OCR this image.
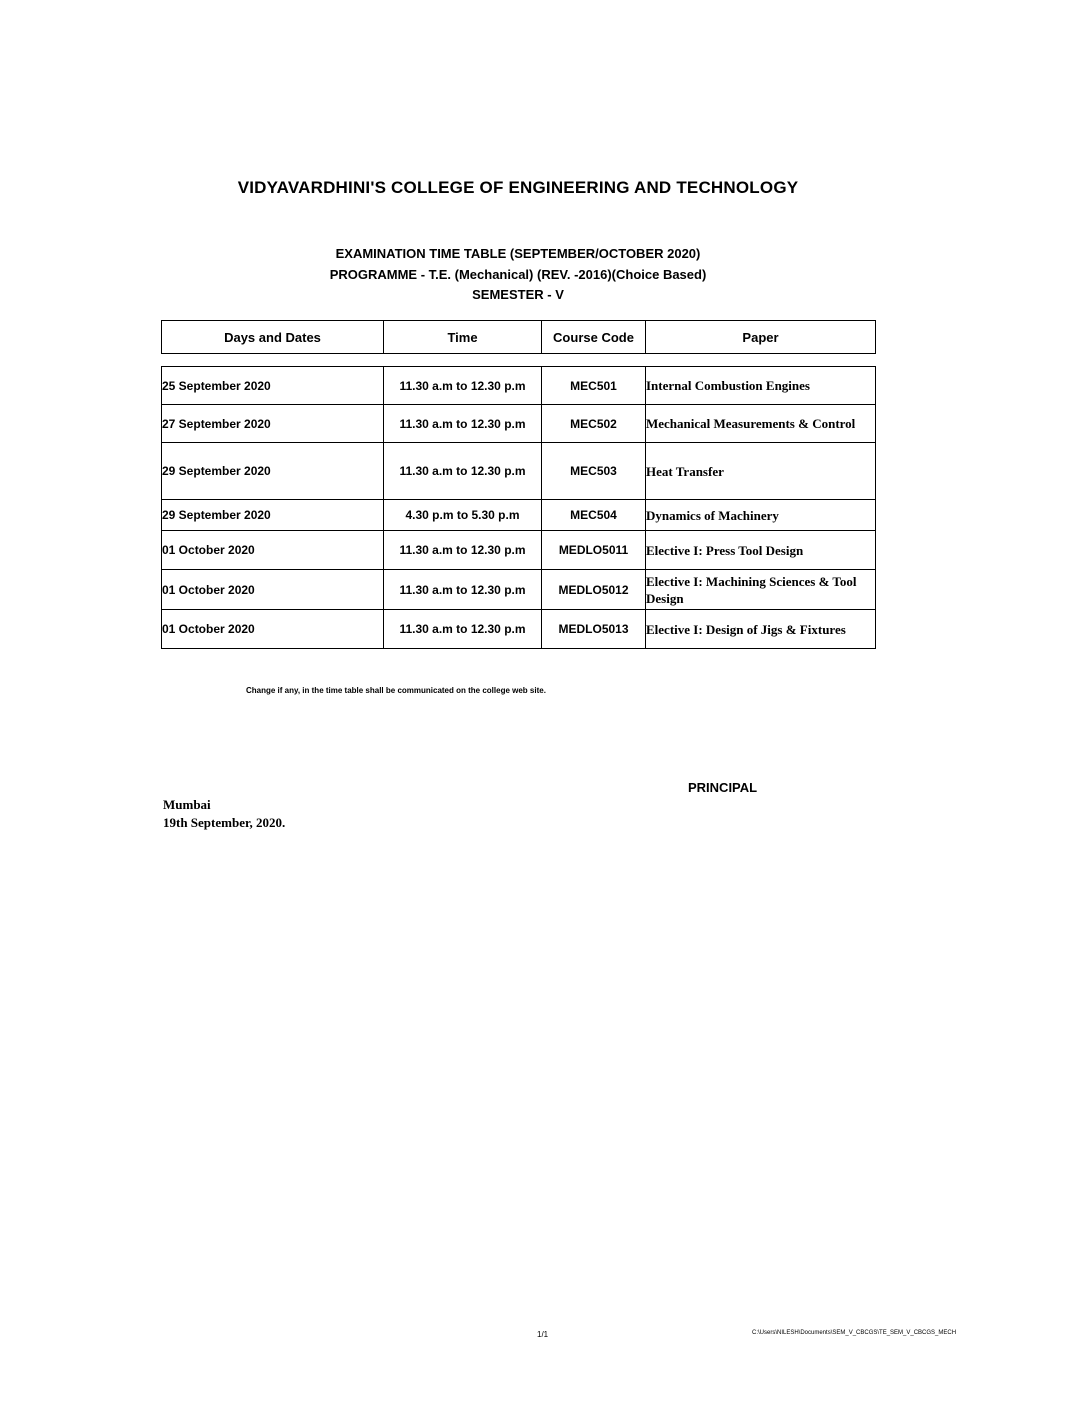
VIDYAVARDHINI'S COLLEGE OF ENGINEERING AND TECHNOLOGY
EXAMINATION TIME TABLE (SEPTEMBER/OCTOBER 2020)
PROGRAMME - T.E. (Mechanical) (REV. -2016)(Choice Based)
SEMESTER - V
Days and Dates	Time	Course Code	Paper
25 September 2020	11.30 a.m to 12.30 p.m	MEC501	Internal Combustion Engines
27 September 2020	11.30 a.m to 12.30 p.m	MEC502	Mechanical Measurements & Control
29 September 2020	11.30 a.m to 12.30 p.m	MEC503	Heat Transfer
29 September 2020	4.30 p.m to 5.30 p.m	MEC504	Dynamics of Machinery
01 October 2020	11.30 a.m to 12.30 p.m	MEDLO5011	Elective I: Press Tool Design
01 October 2020	11.30 a.m to 12.30 p.m	MEDLO5012	Elective I: Machining Sciences & Tool Design
01 October 2020	11.30 a.m to 12.30 p.m	MEDLO5013	Elective I: Design of Jigs & Fixtures
Change if any, in the time table shall be communicated on the college web site.
PRINCIPAL
Mumbai
19th September, 2020.
1/1	C:\Users\NILESH\Documents\SEM_V_CBCGS\TE_SEM_V_CBCGS_MECH
